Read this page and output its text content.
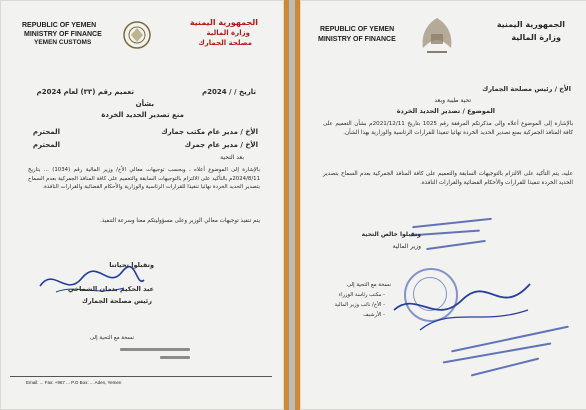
REPUBLIC OF YEMEN
MINISTRY OF FINANCE
YEMEN CUSTOMS
الجمهورية اليمنية
وزارة المالية
مصلحة الجمارك
تعميم رقم (٣٣) لعام 2024م	تاريخ / / 2024م
بشأن
منع تصدير الحديد الخردة
الأخ / مدير عام مكتب جمارك
المحترم
الأخ / مدير عام جمرك
المحترم
بعد التحية
بالإشارة إلى الموضوع أعلاه ، وبحسب توجيهات معالي الأخ/ وزير المالية رقم (1034) ... بتاريخ 2024/8/11م بالتأكيد على الالتزام بالتوجيهات السابقة والتعميم على كافة المنافذ الجمركية بعدم السماح بتصدير الحديد الخردة نهائيا تنفيذا للقرارات الرئاسية والوزارية والأحكام القضائية والقرارات النافذة.
يتم تنفيذ توجيهات معالي الوزير وعلى مسؤوليتكم معنا وسرعة التنفيذ.
وتقبلوا تحياتنا
عبد الحكيم بدمان الشماخي
رئيس مصلحة الجمارك
نسخة مع التحية إلى
Email: ... Fax: +967 ... P.O Box: ... Aden, Yemen
REPUBLIC OF YEMEN
MINISTRY OF FINANCE
الجمهورية اليمنية
وزارة المالية
الأخ / رئيس مصلحة الجمارك
تحية طيبة وبعد
الموضوع / تصدير الحديد الخردة
بالإشارة إلى الموضوع أعلاه وإلى مذكرتكم المرفقة رقم 1025 بتاريخ 2021/12/11م بشأن التعميم على كافة المنافذ الجمركية بمنع تصدير الحديد الخردة نهائيا تنفيذا للقرارات الرئاسية والوزارية بهذا الشأن.
عليه، يتم التأكيد على الالتزام بالتوجيهات السابقة والتعميم على كافة المنافذ الجمركية بعدم السماح بتصدير الحديد الخردة تنفيذا للقرارات والأحكام القضائية والقرارات النافذة.
وتقبلوا خالص التحية
وزير المالية
نسخة مع التحية إلى
- مكتب رئاسة الوزراء
- الأخ/ نائب وزير المالية
- الأرشيف
